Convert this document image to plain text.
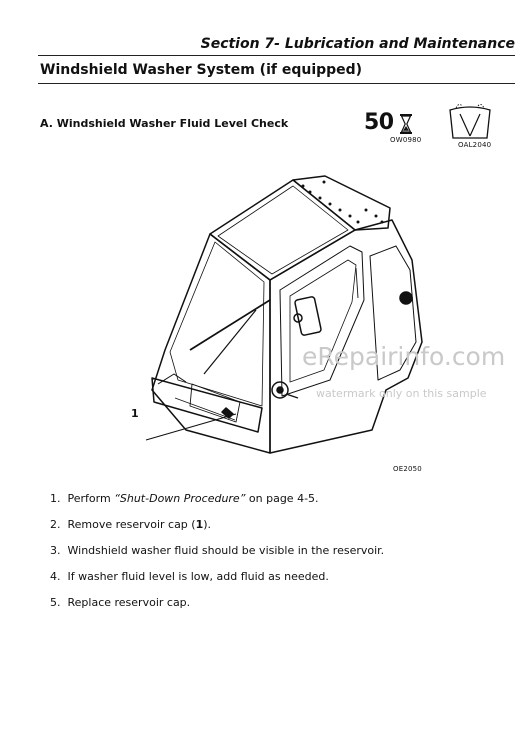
Section 7- Lubrication and Maintenance
Windshield Washer System (if equipped)
A. Windshield Washer Fluid Level Check	50
OW0980
OAL2040
1
OE2050
eRepairinfo.com
watermark only on this sample
1. Perform “Shut-Down Procedure” on page 4-5.
2. Remove reservoir cap (1).
3. Windshield washer fluid should be visible in the reservoir.
4. If washer fluid level is low, add fluid as needed.
5. Replace reservoir cap.
